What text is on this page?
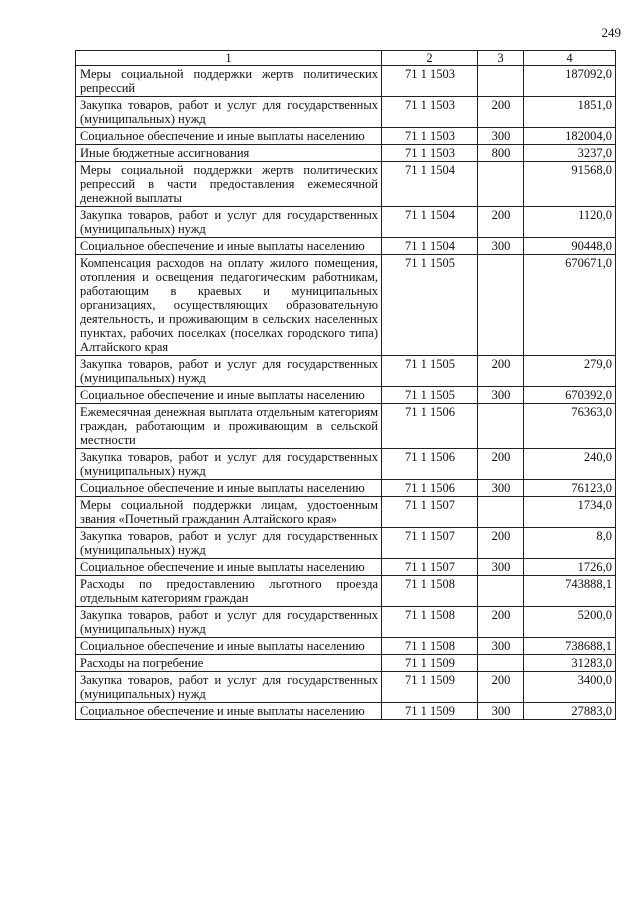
249
1	2	3	4
Меры социальной поддержки жертв политических репрессий	71 1 1503		187092,0
Закупка товаров, работ и услуг для государственных (муниципальных) нужд	71 1 1503	200	1851,0
Социальное обеспечение и иные выплаты населению	71 1 1503	300	182004,0
Иные бюджетные ассигнования	71 1 1503	800	3237,0
Меры социальной поддержки жертв политических репрессий в части предоставления ежемесячной денежной выплаты	71 1 1504		91568,0
Закупка товаров, работ и услуг для государственных (муниципальных) нужд	71 1 1504	200	1120,0
Социальное обеспечение и иные выплаты населению	71 1 1504	300	90448,0
Компенсация расходов на оплату жилого помещения, отопления и освещения педагогическим работникам, работающим в краевых и муниципальных организациях, осуществляющих образовательную деятельность, и проживающим в сельских населенных пунктах, рабочих поселках (поселках городского типа) Алтайского края	71 1 1505		670671,0
Закупка товаров, работ и услуг для государственных (муниципальных) нужд	71 1 1505	200	279,0
Социальное обеспечение и иные выплаты населению	71 1 1505	300	670392,0
Ежемесячная денежная выплата отдельным категориям граждан, работающим и проживающим в сельской местности	71 1 1506		76363,0
Закупка товаров, работ и услуг для государственных (муниципальных) нужд	71 1 1506	200	240,0
Социальное обеспечение и иные выплаты населению	71 1 1506	300	76123,0
Меры социальной поддержки лицам, удостоенным звания «Почетный гражданин Алтайского края»	71 1 1507		1734,0
Закупка товаров, работ и услуг для государственных (муниципальных) нужд	71 1 1507	200	8,0
Социальное обеспечение и иные выплаты населению	71 1 1507	300	1726,0
Расходы по предоставлению льготного проезда отдельным категориям граждан	71 1 1508		743888,1
Закупка товаров, работ и услуг для государственных (муниципальных) нужд	71 1 1508	200	5200,0
Социальное обеспечение и иные выплаты населению	71 1 1508	300	738688,1
Расходы на погребение	71 1 1509		31283,0
Закупка товаров, работ и услуг для государственных (муниципальных) нужд	71 1 1509	200	3400,0
Социальное обеспечение и иные выплаты населению	71 1 1509	300	27883,0
